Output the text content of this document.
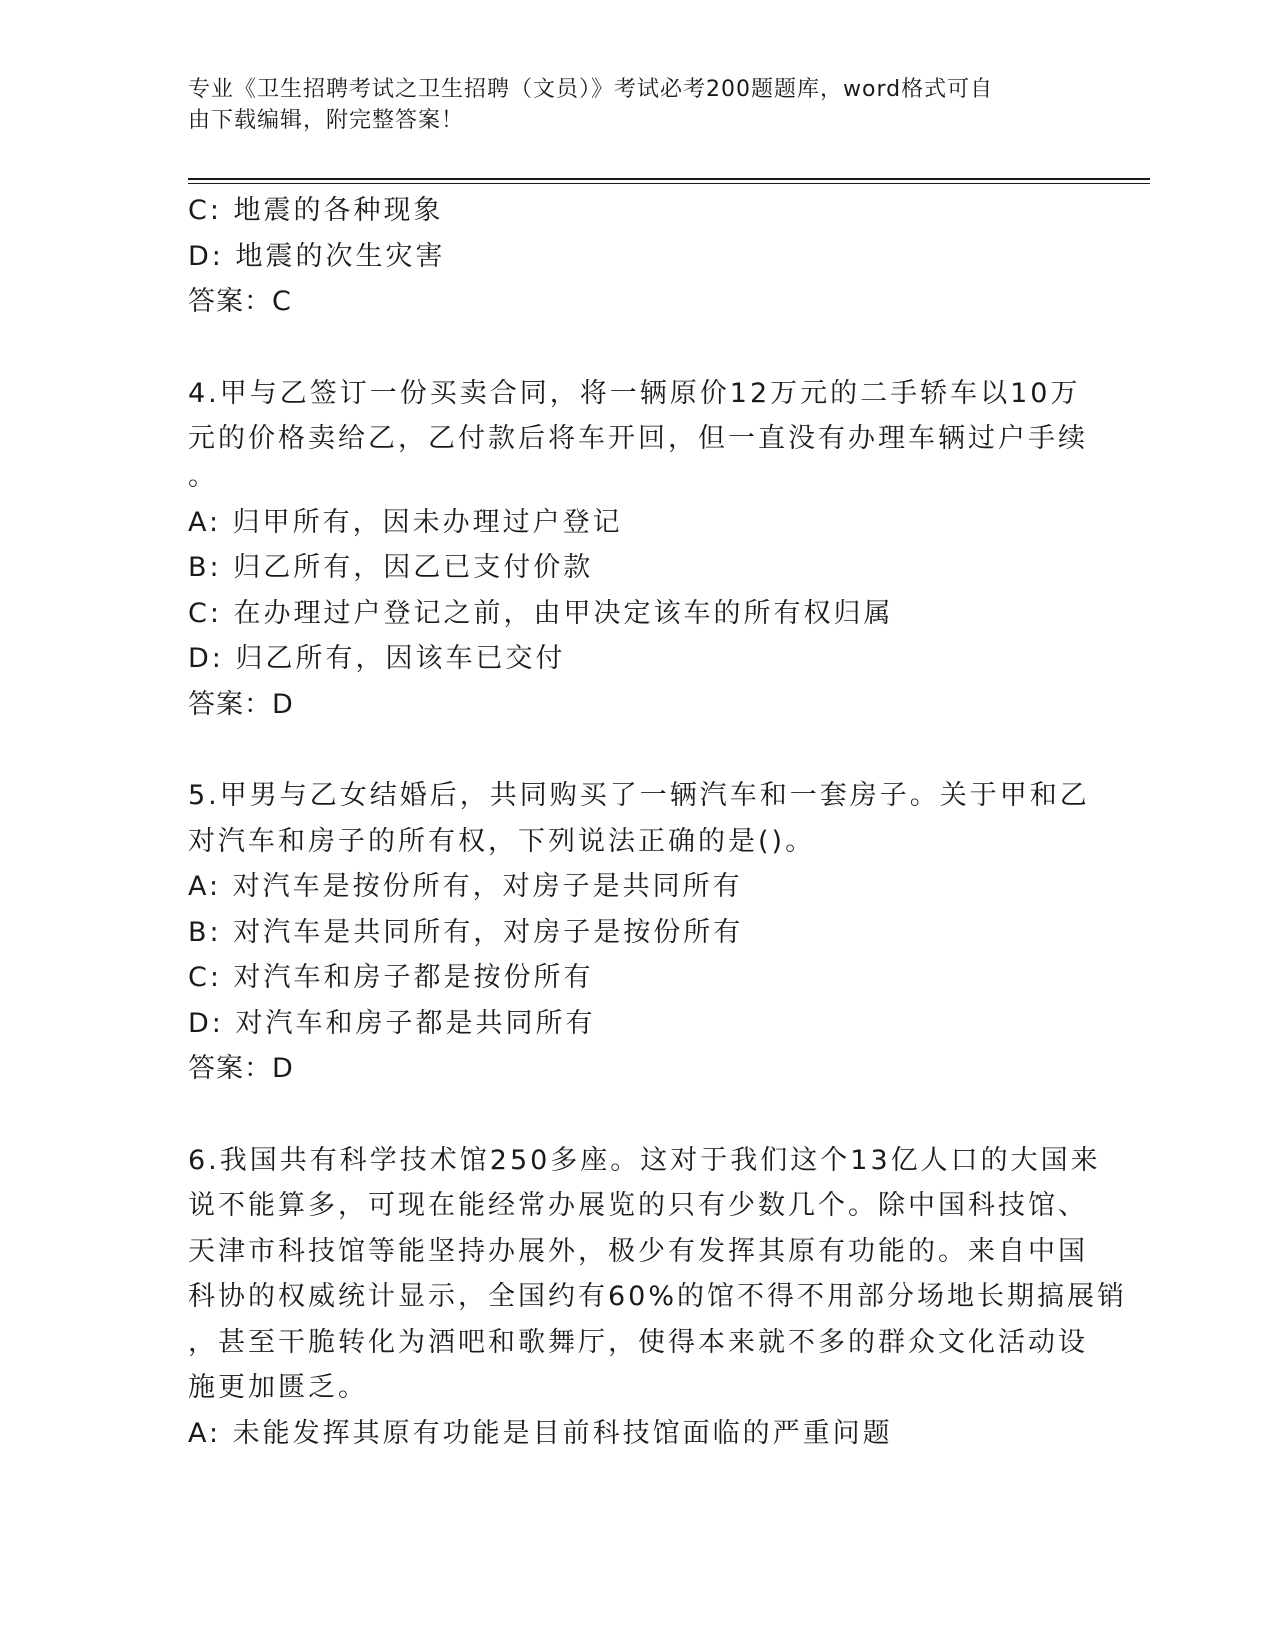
专业《卫生招聘考试之卫生招聘（文员）》考试必考200题题库，word格式可自
由下载编辑，附完整答案！
C: 地震的各种现象
D: 地震的次生灾害
答案：C
4.甲与乙签订一份买卖合同，将一辆原价12万元的二手轿车以10万
元的价格卖给乙，乙付款后将车开回，但一直没有办理车辆过户手续
。
A: 归甲所有，因未办理过户登记
B: 归乙所有，因乙已支付价款
C: 在办理过户登记之前，由甲决定该车的所有权归属
D: 归乙所有，因该车已交付
答案：D
5.甲男与乙女结婚后，共同购买了一辆汽车和一套房子。关于甲和乙
对汽车和房子的所有权，下列说法正确的是()。
A: 对汽车是按份所有，对房子是共同所有
B: 对汽车是共同所有，对房子是按份所有
C: 对汽车和房子都是按份所有
D: 对汽车和房子都是共同所有
答案：D
6.我国共有科学技术馆250多座。这对于我们这个13亿人口的大国来
说不能算多，可现在能经常办展览的只有少数几个。除中国科技馆、
天津市科技馆等能坚持办展外，极少有发挥其原有功能的。来自中国
科协的权威统计显示，全国约有60%的馆不得不用部分场地长期搞展销
，甚至干脆转化为酒吧和歌舞厅，使得本来就不多的群众文化活动设
施更加匮乏。
A: 未能发挥其原有功能是目前科技馆面临的严重问题
